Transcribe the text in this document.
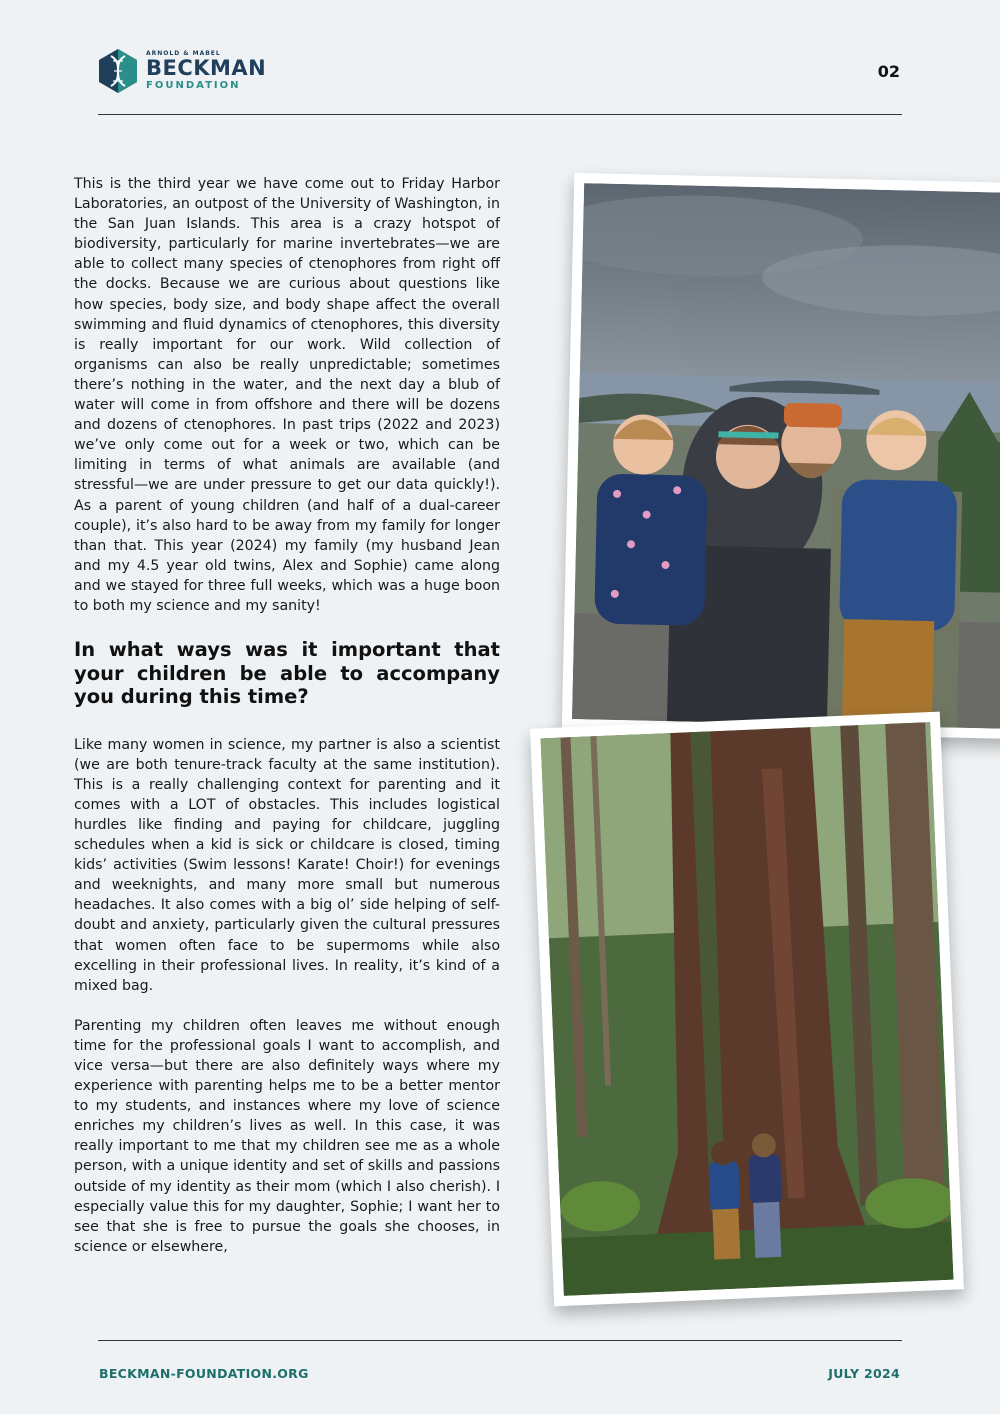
ARNOLD & MABEL
BECKMAN
FOUNDATION
02

This is the third year we have come out to Friday Harbor Laboratories, an outpost of the University of Washington, in the San Juan Islands. This area is a crazy hotspot of biodiversity, particularly for marine invertebrates—we are able to collect many species of ctenophores from right off the docks. Because we are curious about questions like how species, body size, and body shape affect the overall swimming and fluid dynamics of ctenophores, this diversity is really important for our work. Wild collection of organisms can also be really unpredictable; sometimes there’s nothing in the water, and the next day a blub of water will come in from offshore and there will be dozens and dozens of ctenophores. In past trips (2022 and 2023) we’ve only come out for a week or two, which can be limiting in terms of what animals are available (and stressful—we are under pressure to get our data quickly!). As a parent of young children (and half of a dual-career couple), it’s also hard to be away from my family for longer than that. This year (2024) my family (my husband Jean and my 4.5 year old twins, Alex and Sophie) came along and we stayed for three full weeks, which was a huge boon to both my science and my sanity!

In what ways was it important that your children be able to accompany you during this time?

Like many women in science, my partner is also a scientist (we are both tenure-track faculty at the same institution). This is a really challenging context for parenting and it comes with a LOT of obstacles. This includes logistical hurdles like finding and paying for childcare, juggling schedules when a kid is sick or childcare is closed, timing kids’ activities (Swim lessons! Karate! Choir!) for evenings and weeknights, and many more small but numerous headaches. It also comes with a big ol’ side helping of self-doubt and anxiety, particularly given the cultural pressures that women often face to be supermoms while also excelling in their professional lives. In reality, it’s kind of a mixed bag.

Parenting my children often leaves me without enough time for the professional goals I want to accomplish, and vice versa—but there are also definitely ways where my experience with parenting helps me to be a better mentor to my students, and instances where my love of science enriches my children’s lives as well. In this case, it was really important to me that my children see me as a whole person, with a unique identity and set of skills and passions outside of my identity as their mom (which I also cherish). I especially value this for my daughter, Sophie; I want her to see that she is free to pursue the goals she chooses, in science or elsewhere,

BECKMAN-FOUNDATION.ORG	JULY 2024
